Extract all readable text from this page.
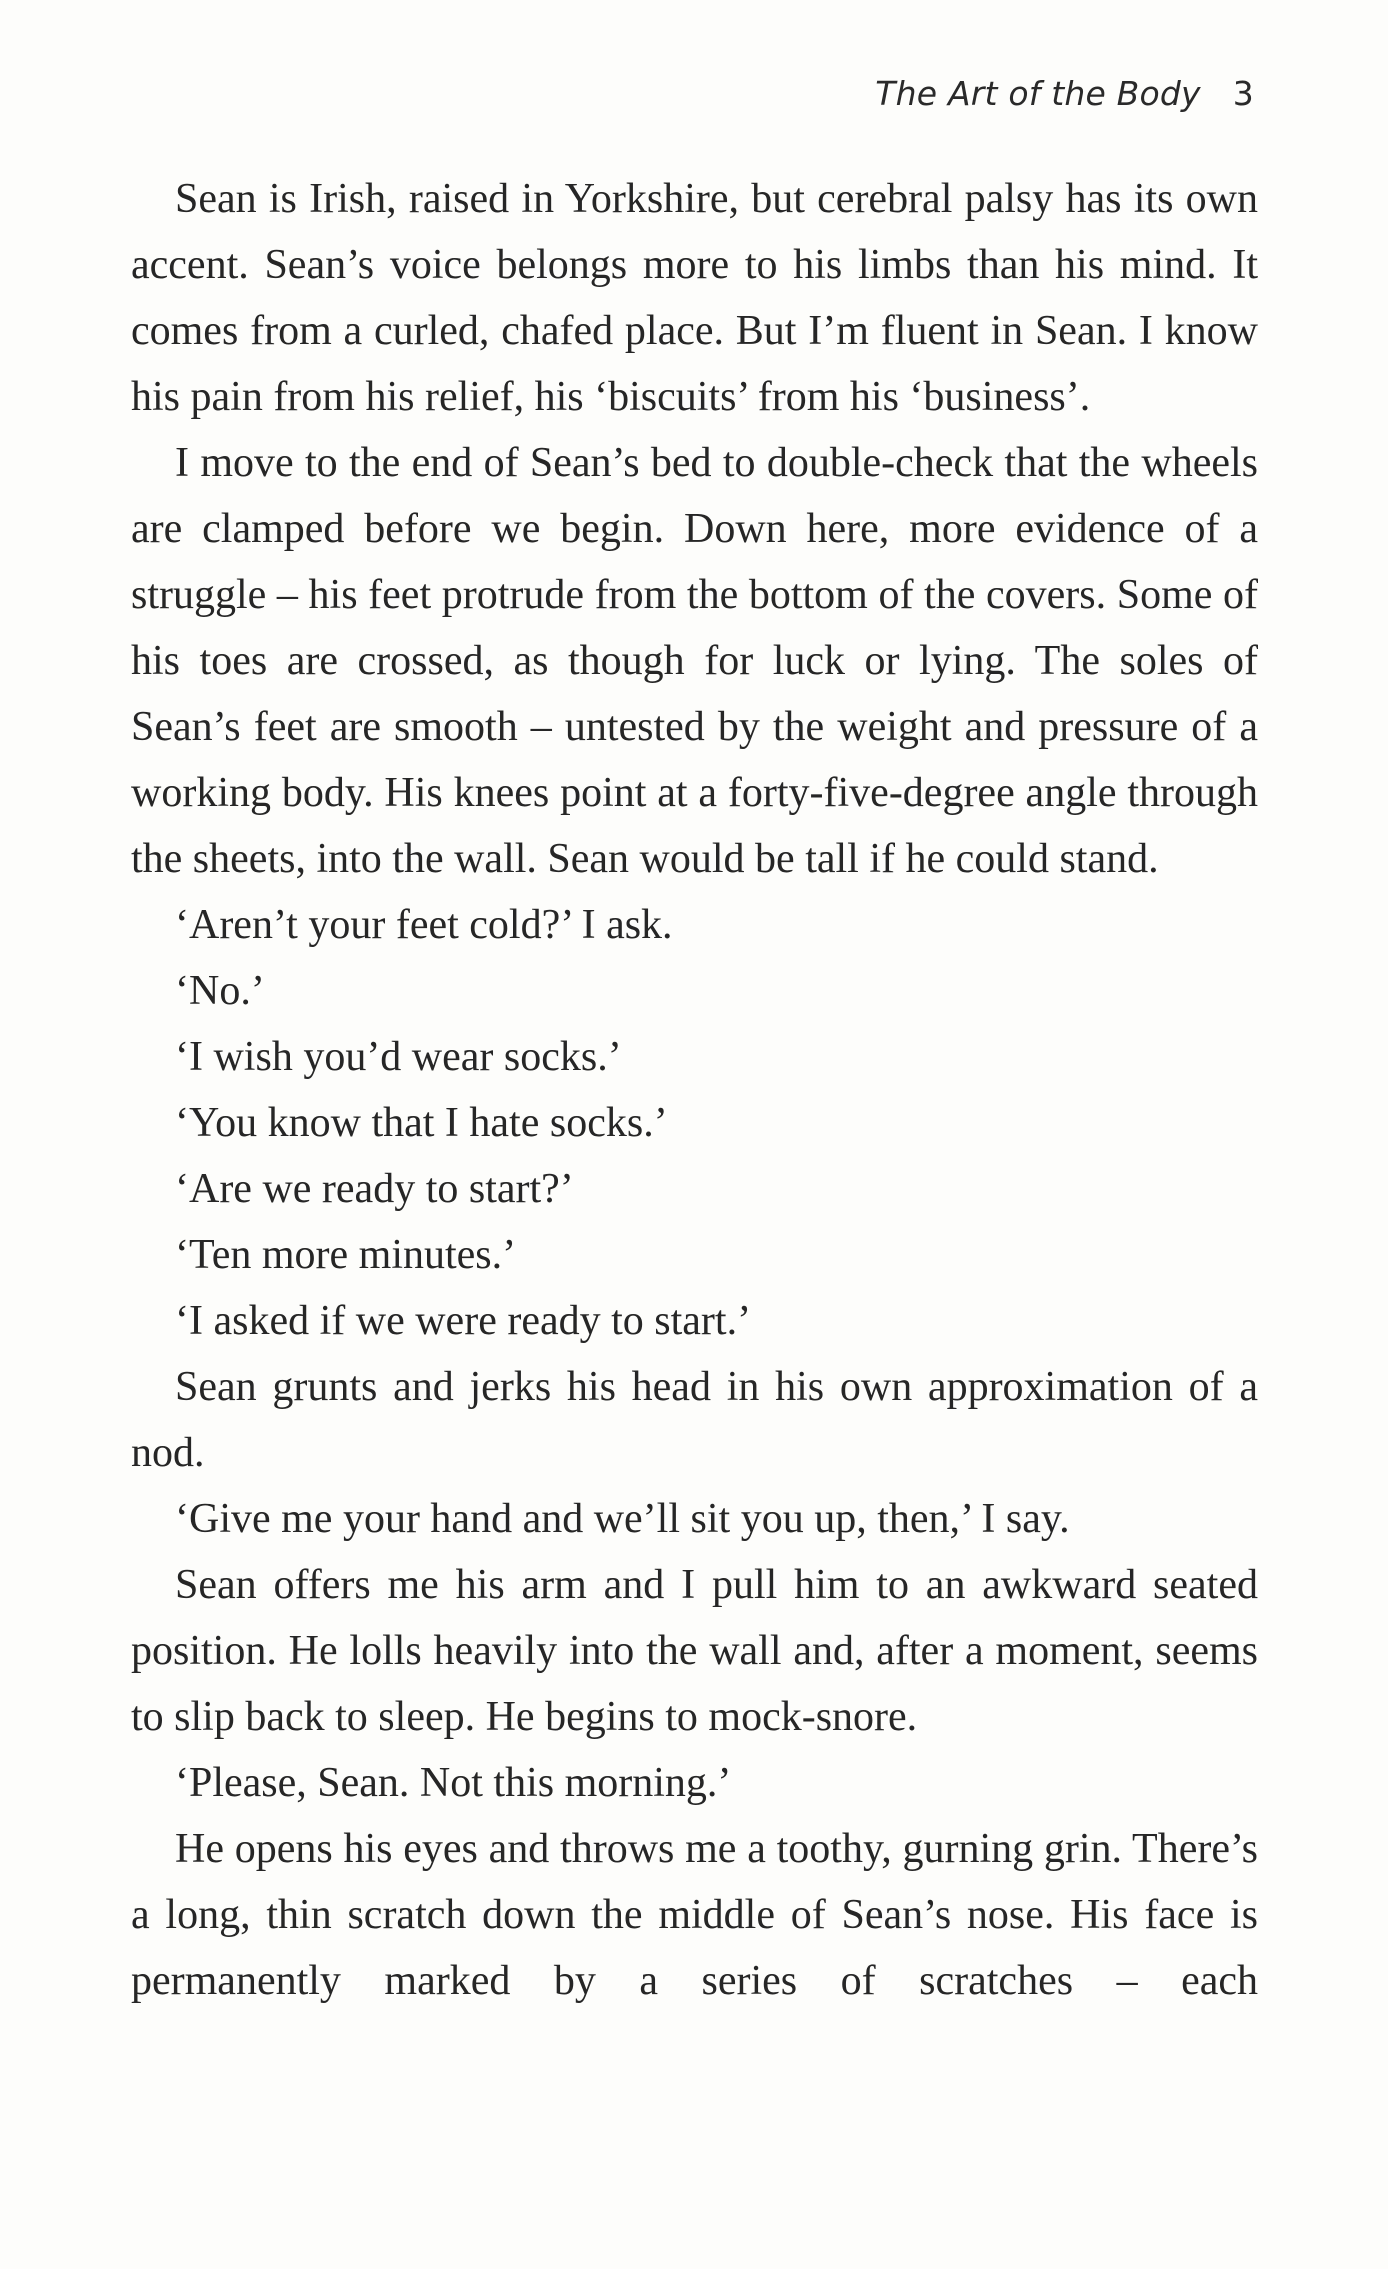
The Art of the Body 3

Sean is Irish, raised in Yorkshire, but cerebral palsy has its own accent. Sean’s voice belongs more to his limbs than his mind. It comes from a curled, chafed place. But I’m fluent in Sean. I know his pain from his relief, his ‘biscuits’ from his ‘business’.

I move to the end of Sean’s bed to double-check that the wheels are clamped before we begin. Down here, more evidence of a struggle – his feet protrude from the bottom of the covers. Some of his toes are crossed, as though for luck or lying. The soles of Sean’s feet are smooth – untested by the weight and pressure of a working body. His knees point at a forty-five-degree angle through the sheets, into the wall. Sean would be tall if he could stand.

‘Aren’t your feet cold?’ I ask.

‘No.’

‘I wish you’d wear socks.’

‘You know that I hate socks.’

‘Are we ready to start?’

‘Ten more minutes.’

‘I asked if we were ready to start.’

Sean grunts and jerks his head in his own approximation of a nod.

‘Give me your hand and we’ll sit you up, then,’ I say.

Sean offers me his arm and I pull him to an awkward seated position. He lolls heavily into the wall and, after a moment, seems to slip back to sleep. He begins to mock-snore.

‘Please, Sean. Not this morning.’

He opens his eyes and throws me a toothy, gurning grin. There’s a long, thin scratch down the middle of Sean’s nose. His face is permanently marked by a series of scratches – each
